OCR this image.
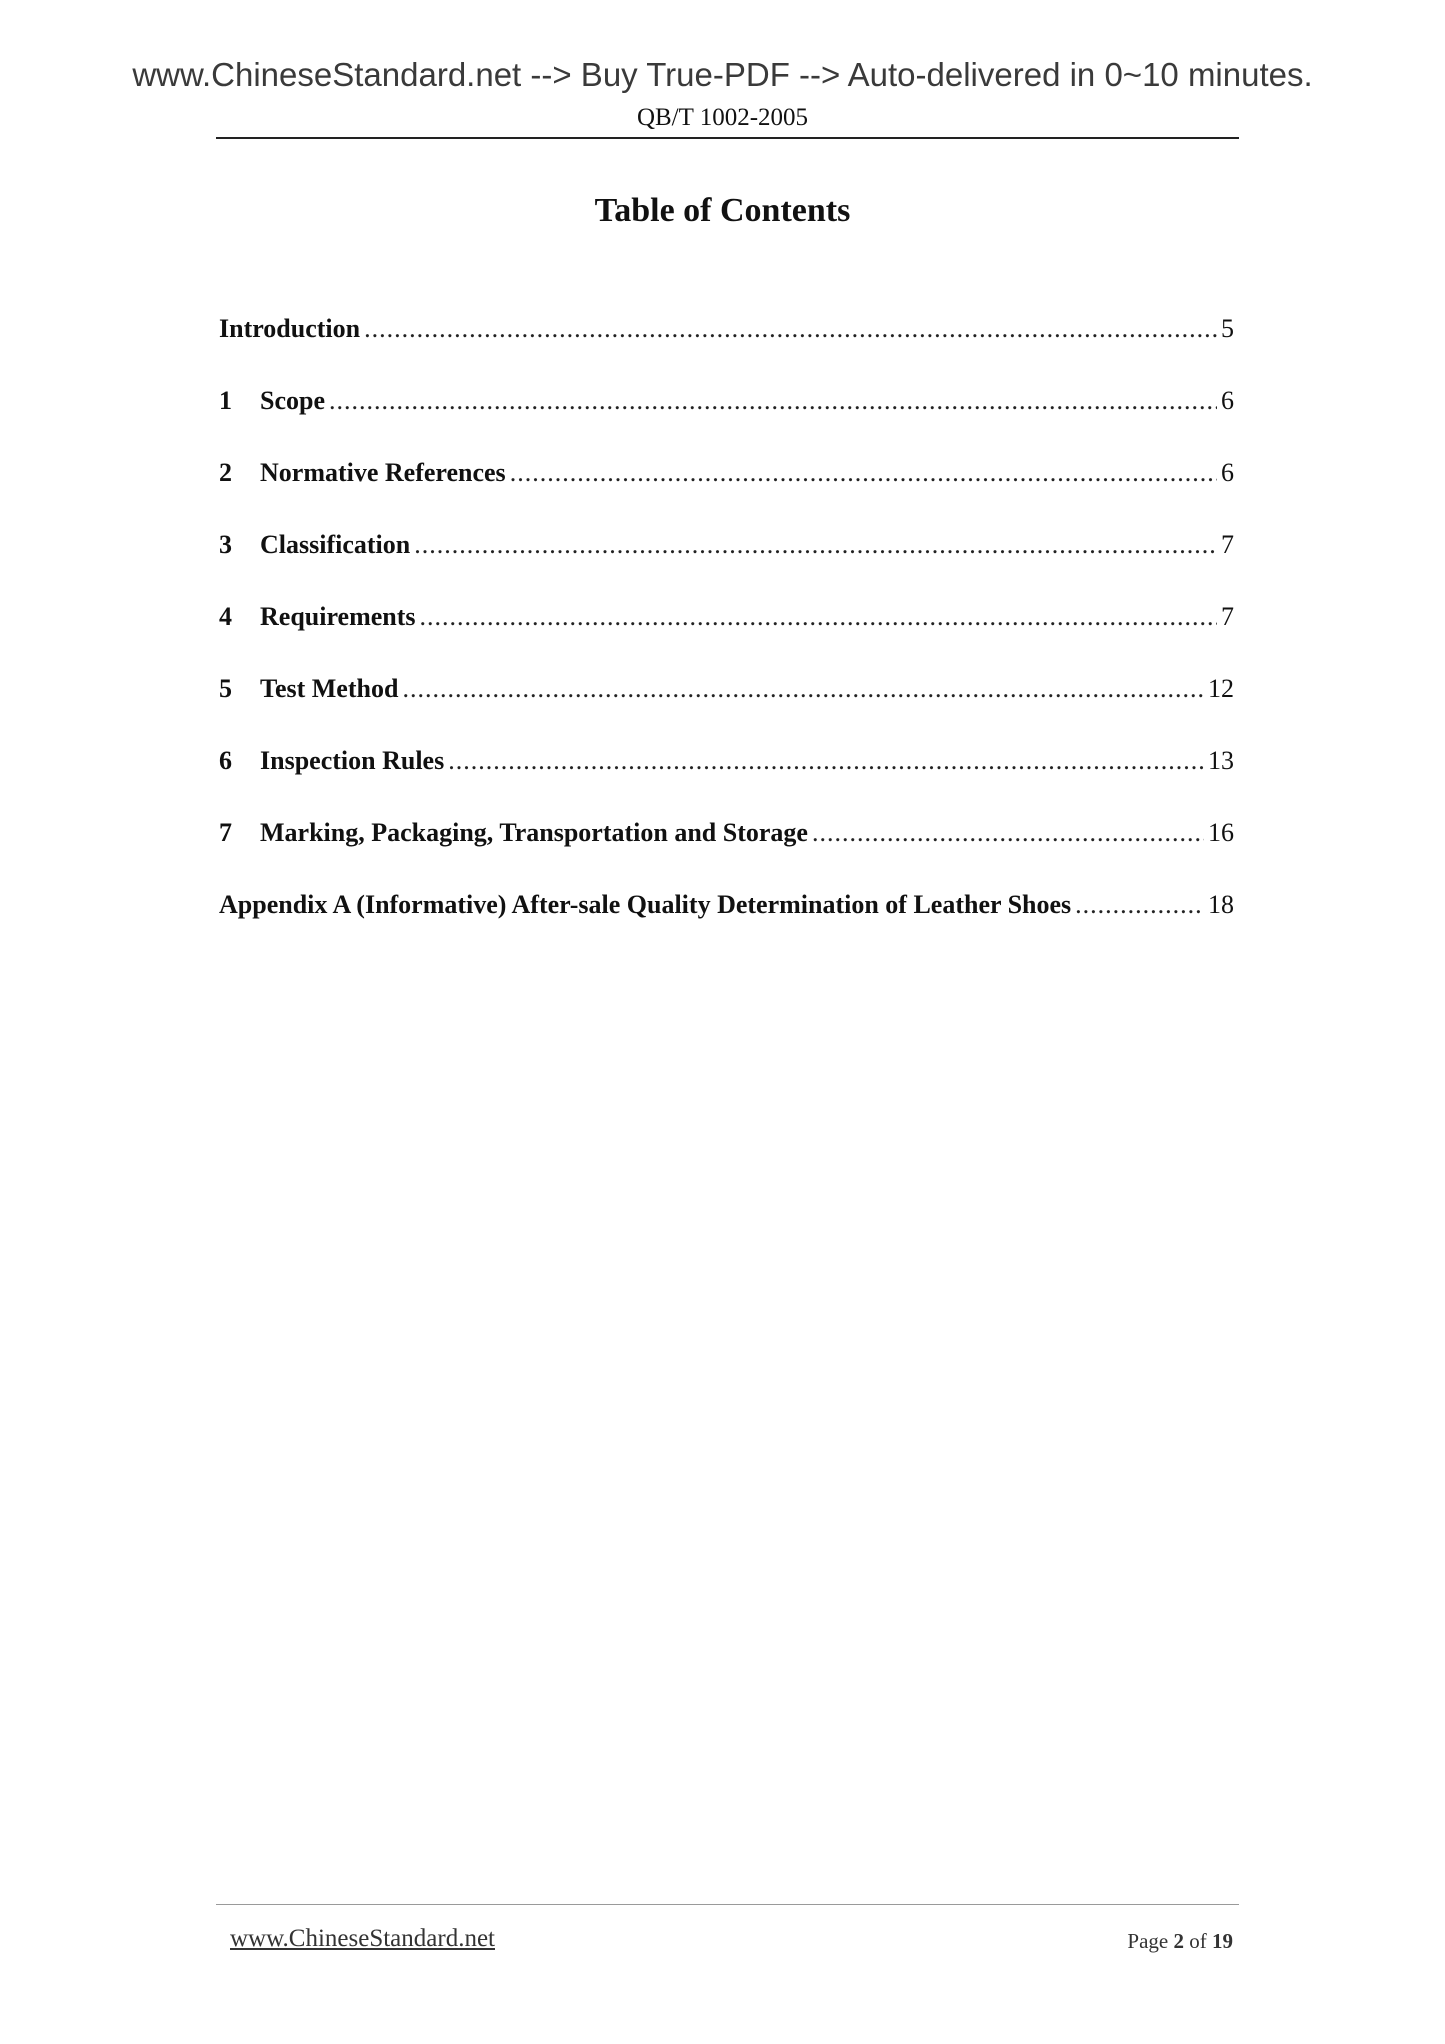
www.ChineseStandard.net --> Buy True-PDF --> Auto-delivered in 0~10 minutes.
QB/T 1002-2005
Table of Contents
Introduction .....	5
1	Scope .....	6
2	Normative References .....	6
3	Classification .....	7
4	Requirements .....	7
5	Test Method .....	12
6	Inspection Rules .....	13
7	Marking, Packaging, Transportation and Storage .....	16
Appendix A (Informative) After-sale Quality Determination of Leather Shoes .....	18
www.ChineseStandard.net	Page 2 of 19
